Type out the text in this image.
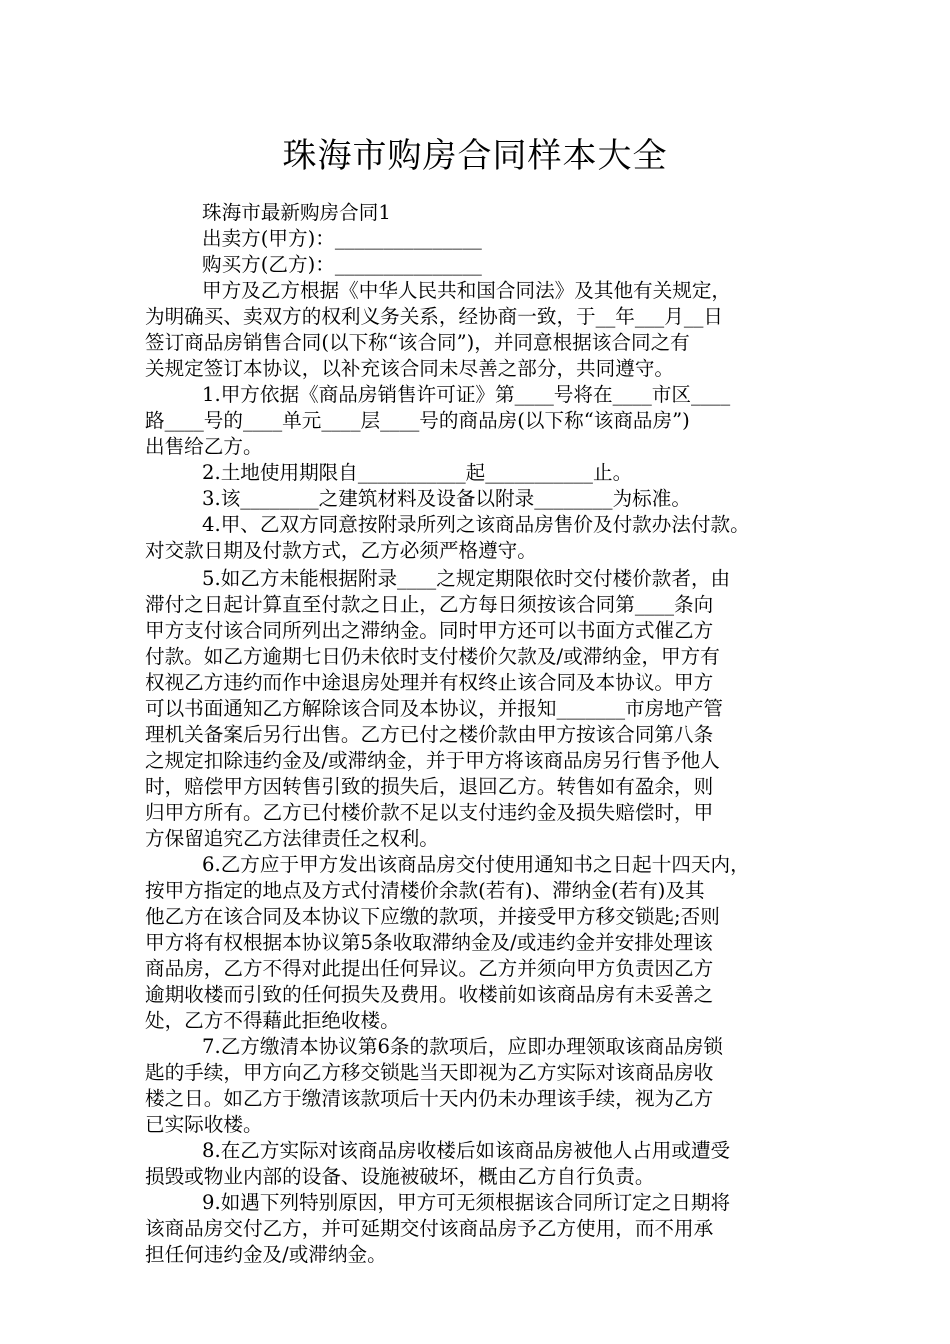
珠海市购房合同样本大全
珠海市最新购房合同1
出卖方(甲方)：_______________
购买方(乙方)：_______________
甲方及乙方根据《中华人民共和国合同法》及其他有关规定，
为明确买、卖双方的权利义务关系，经协商一致，于__年___月__日
签订商品房销售合同(以下称“该合同”)，并同意根据该合同之有
关规定签订本协议，以补充该合同未尽善之部分，共同遵守。
1.甲方依据《商品房销售许可证》第____号将在____市区____
路____号的____单元____层____号的商品房(以下称“该商品房”)
出售给乙方。
2.土地使用期限自___________起___________止。
3.该________之建筑材料及设备以附录________为标准。
4.甲、乙双方同意按附录所列之该商品房售价及付款办法付款。
对交款日期及付款方式，乙方必须严格遵守。
5.如乙方未能根据附录____之规定期限依时交付楼价款者，由
滞付之日起计算直至付款之日止，乙方每日须按该合同第____条向
甲方支付该合同所列出之滞纳金。同时甲方还可以书面方式催乙方
付款。如乙方逾期七日仍未依时支付楼价欠款及/或滞纳金，甲方有
权视乙方违约而作中途退房处理并有权终止该合同及本协议。甲方
可以书面通知乙方解除该合同及本协议，并报知_______市房地产管
理机关备案后另行出售。乙方已付之楼价款由甲方按该合同第八条
之规定扣除违约金及/或滞纳金，并于甲方将该商品房另行售予他人
时，赔偿甲方因转售引致的损失后，退回乙方。转售如有盈余，则
归甲方所有。乙方已付楼价款不足以支付违约金及损失赔偿时，甲
方保留追究乙方法律责任之权利。
6.乙方应于甲方发出该商品房交付使用通知书之日起十四天内，
按甲方指定的地点及方式付清楼价余款(若有)、滞纳金(若有)及其
他乙方在该合同及本协议下应缴的款项，并接受甲方移交锁匙;否则
甲方将有权根据本协议第5条收取滞纳金及/或违约金并安排处理该
商品房，乙方不得对此提出任何异议。乙方并须向甲方负责因乙方
逾期收楼而引致的任何损失及费用。收楼前如该商品房有未妥善之
处，乙方不得藉此拒绝收楼。
7.乙方缴清本协议第6条的款项后，应即办理领取该商品房锁
匙的手续，甲方向乙方移交锁匙当天即视为乙方实际对该商品房收
楼之日。如乙方于缴清该款项后十天内仍未办理该手续，视为乙方
已实际收楼。
8.在乙方实际对该商品房收楼后如该商品房被他人占用或遭受
损毁或物业内部的设备、设施被破坏，概由乙方自行负责。
9.如遇下列特别原因，甲方可无须根据该合同所订定之日期将
该商品房交付乙方，并可延期交付该商品房予乙方使用，而不用承
担任何违约金及/或滞纳金。
